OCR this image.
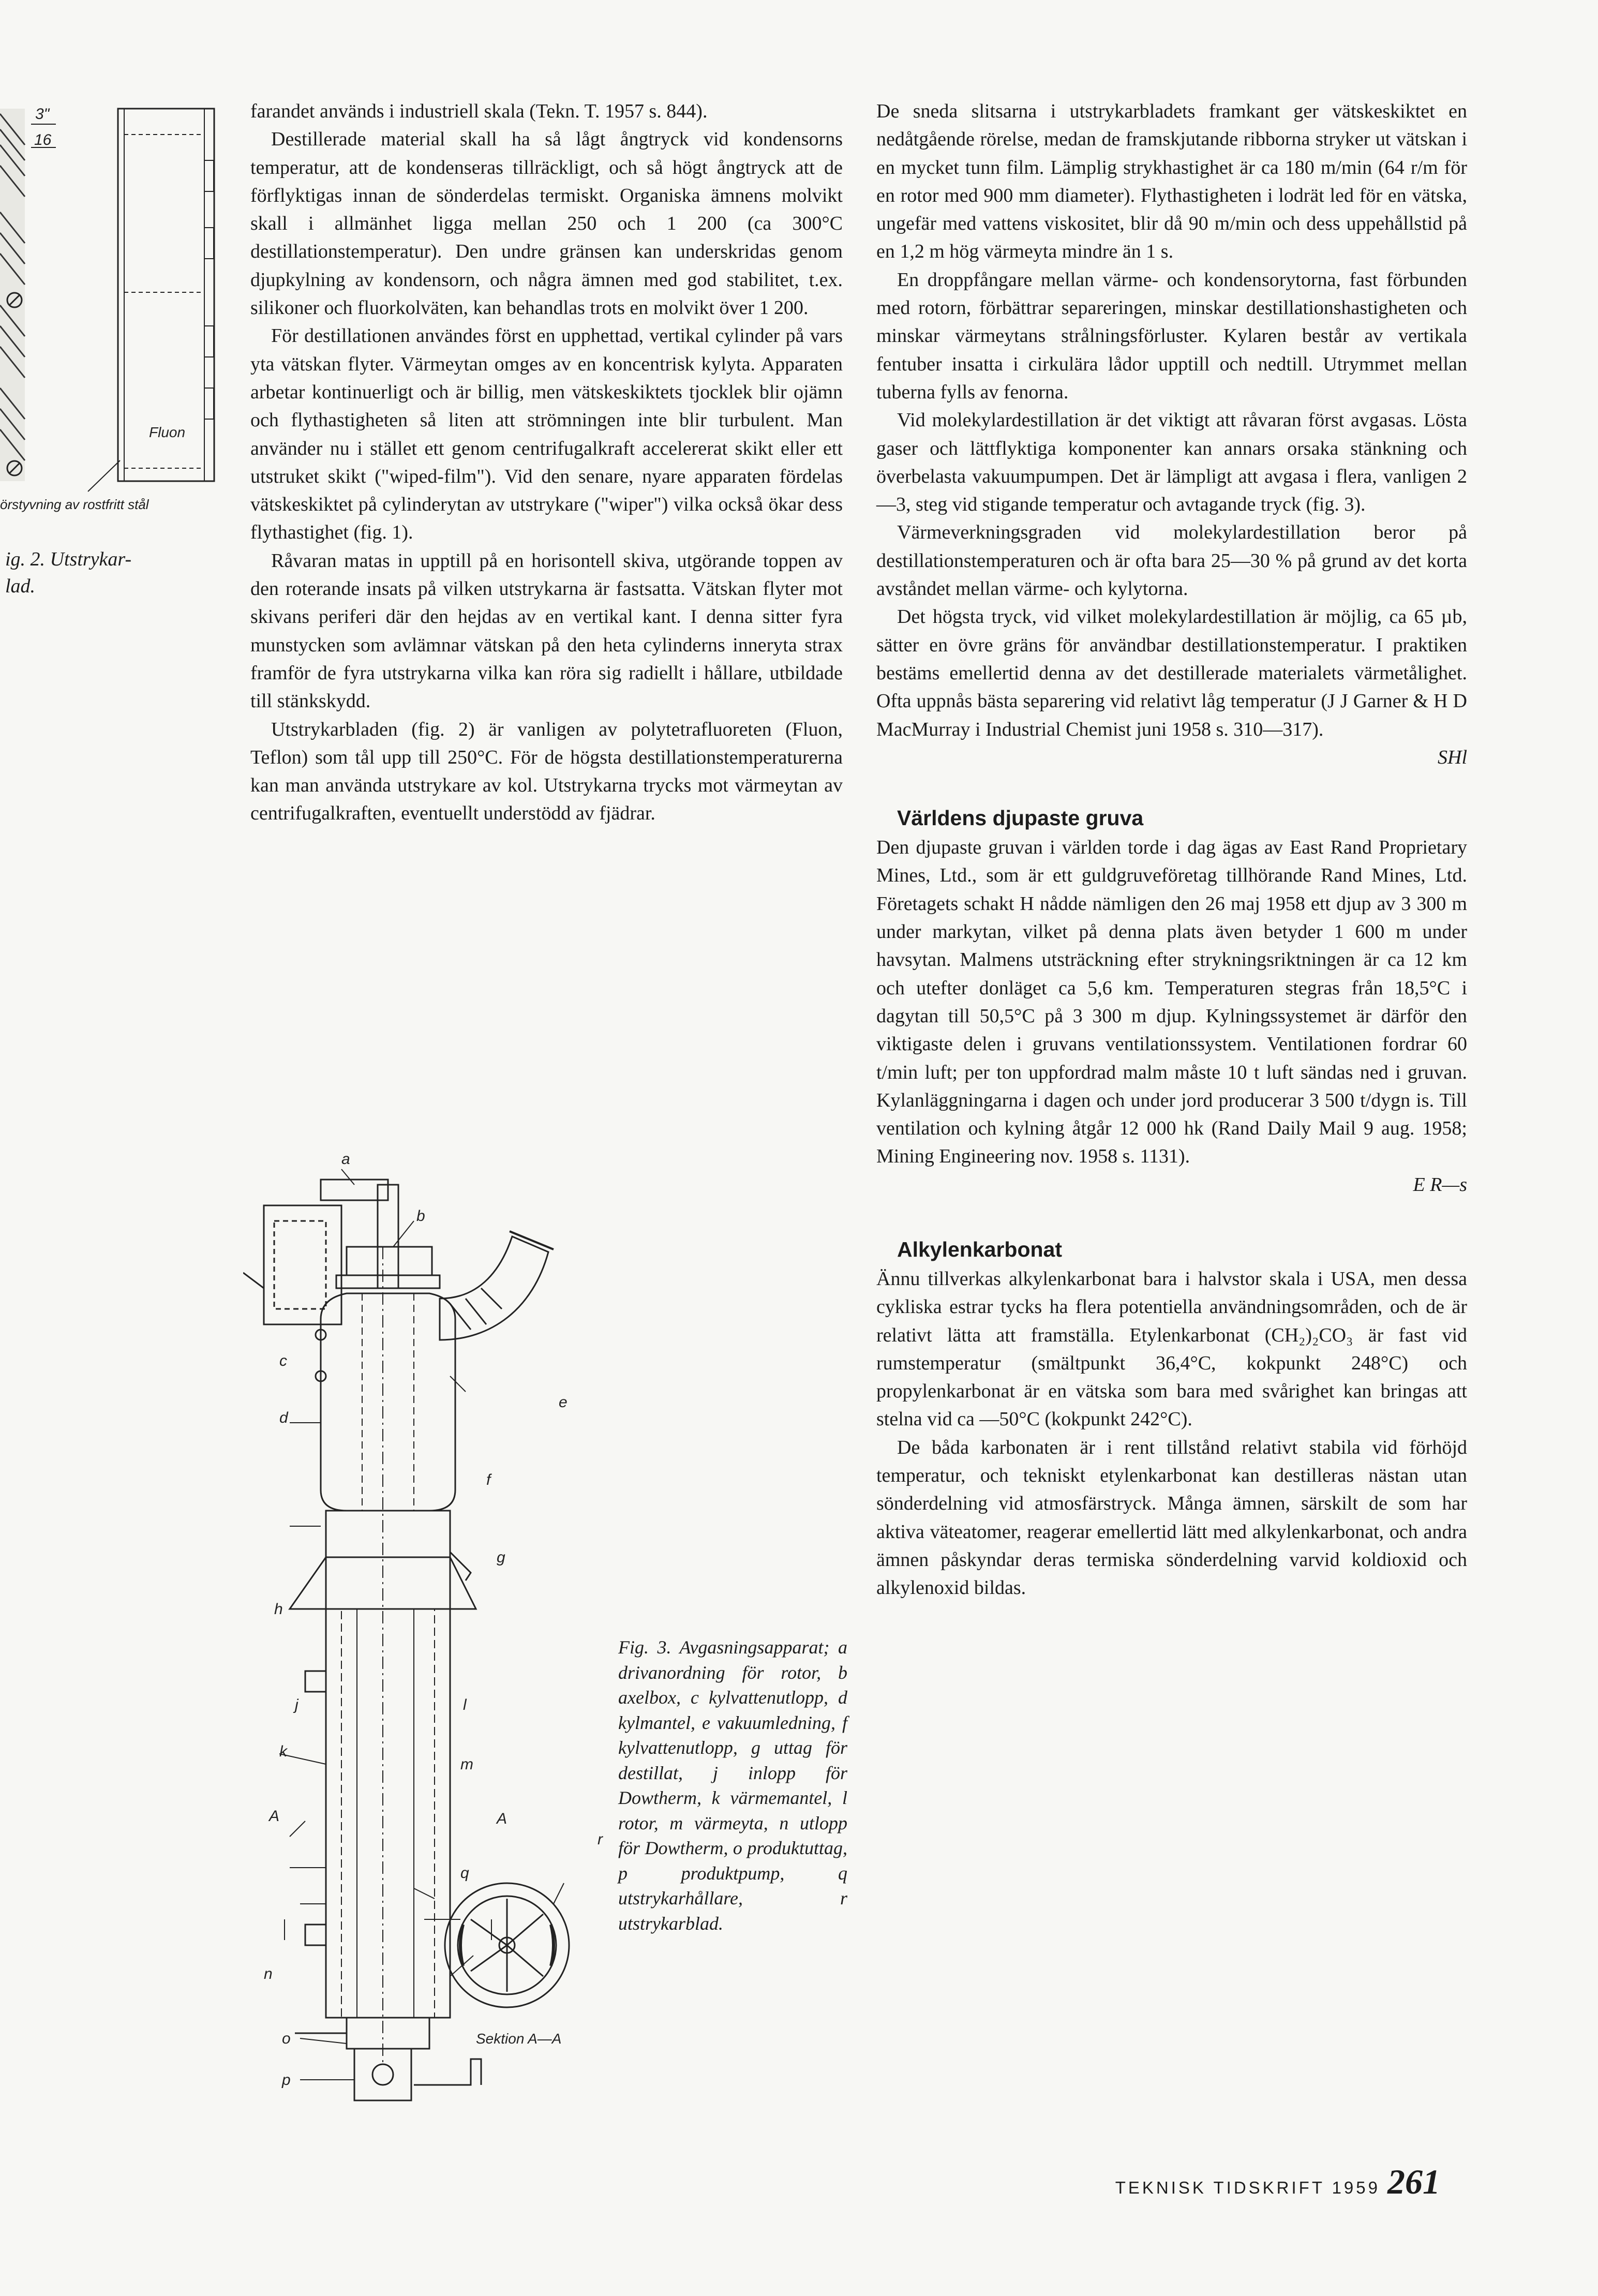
3"
16
Fluon
örstyvning av rostfritt stål
ig. 2. Utstrykar-
lad.

farandet används i industriell skala (Tekn. T. 1957 s. 844).

Destillerade material skall ha så lågt ångtryck vid kondensorns temperatur, att de kondenseras tillräckligt, och så högt ångtryck att de förflyktigas innan de sönderdelas termiskt. Organiska ämnens molvikt skall i allmänhet ligga mellan 250 och 1 200 (ca 300°C destillationstemperatur). Den undre gränsen kan underskridas genom djupkylning av kondensorn, och några ämnen med god stabilitet, t.ex. silikoner och fluorkolväten, kan behandlas trots en molvikt över 1 200.

För destillationen användes först en upphettad, vertikal cylinder på vars yta vätskan flyter. Värmeytan omges av en koncentrisk kylyta. Apparaten arbetar kontinuerligt och är billig, men vätskeskiktets tjocklek blir ojämn och flythastigheten så liten att strömningen inte blir turbulent. Man använder nu i stället ett genom centrifugalkraft accelererat skikt eller ett utstruket skikt ("wiped-film"). Vid den senare, nyare apparaten fördelas vätskeskiktet på cylinderytan av utstrykare ("wiper") vilka också ökar dess flythastighet (fig. 1).

Råvaran matas in upptill på en horisontell skiva, utgörande toppen av den roterande insats på vilken utstrykarna är fastsatta. Vätskan flyter mot skivans periferi där den hejdas av en vertikal kant. I denna sitter fyra munstycken som avlämnar vätskan på den heta cylinderns inneryta strax framför de fyra utstrykarna vilka kan röra sig radiellt i hållare, utbildade till stänkskydd.

Utstrykarbladen (fig. 2) är vanligen av polytetrafluoreten (Fluon, Teflon) som tål upp till 250°C. För de högsta destillationstemperaturerna kan man använda utstrykare av kol. Utstrykarna trycks mot värmeytan av centrifugalkraften, eventuellt understödd av fjädrar.

a
b
c
d
e
f
g
h
j
k
l
m
n
o
p
q
r
A	A
Sektion A—A
Fig. 3. Avgasningsapparat; a drivanordning för rotor, b axelbox, c kylvattenutlopp, d kylmantel, e vakuumledning, f kylvattenutlopp, g uttag för destillat, j inlopp för Dowtherm, k värmemantel, l rotor, m värmeyta, n utlopp för Dowtherm, o produktuttag, p produktpump, q utstrykarhållare, r utstrykarblad.

De sneda slitsarna i utstrykarbladets framkant ger vätskeskiktet en nedåtgående rörelse, medan de framskjutande ribborna stryker ut vätskan i en mycket tunn film. Lämplig strykhastighet är ca 180 m/min (64 r/m för en rotor med 900 mm diameter). Flythastigheten i lodrät led för en vätska, ungefär med vattens viskositet, blir då 90 m/min och dess uppehållstid på en 1,2 m hög värmeyta mindre än 1 s.

En droppfångare mellan värme- och kondensorytorna, fast förbunden med rotorn, förbättrar separeringen, minskar destillationshastigheten och minskar värmeytans strålningsförluster. Kylaren består av vertikala fentuber insatta i cirkulära lådor upptill och nedtill. Utrymmet mellan tuberna fylls av fenorna.

Vid molekylardestillation är det viktigt att råvaran först avgasas. Lösta gaser och lättflyktiga komponenter kan annars orsaka stänkning och överbelasta vakuumpumpen. Det är lämpligt att avgasa i flera, vanligen 2—3, steg vid stigande temperatur och avtagande tryck (fig. 3).

Värmeverkningsgraden vid molekylardestillation beror på destillationstemperaturen och är ofta bara 25—30 % på grund av det korta avståndet mellan värme- och kylytorna.

Det högsta tryck, vid vilket molekylardestillation är möjlig, ca 65 µb, sätter en övre gräns för användbar destillationstemperatur. I praktiken bestäms emellertid denna av det destillerade materialets värmetålighet. Ofta uppnås bästa separering vid relativt låg temperatur (J J Garner & H D MacMurray i Industrial Chemist juni 1958 s. 310—317).

SHl

Världens djupaste gruva

Den djupaste gruvan i världen torde i dag ägas av East Rand Proprietary Mines, Ltd., som är ett guldgruveföretag tillhörande Rand Mines, Ltd. Företagets schakt H nådde nämligen den 26 maj 1958 ett djup av 3 300 m under markytan, vilket på denna plats även betyder 1 600 m under havsytan. Malmens utsträckning efter strykningsriktningen är ca 12 km och utefter donläget ca 5,6 km. Temperaturen stegras från 18,5°C i dagytan till 50,5°C på 3 300 m djup. Kylningssystemet är därför den viktigaste delen i gruvans ventilationssystem. Ventilationen fordrar 60 t/min luft; per ton uppfordrad malm måste 10 t luft sändas ned i gruvan. Kylanläggningarna i dagen och under jord producerar 3 500 t/dygn is. Till ventilation och kylning åtgår 12 000 hk (Rand Daily Mail 9 aug. 1958; Mining Engineering nov. 1958 s. 1131).

E R—s

Alkylenkarbonat

Ännu tillverkas alkylenkarbonat bara i halvstor skala i USA, men dessa cykliska estrar tycks ha flera potentiella användningsområden, och de är relativt lätta att framställa. Etylenkarbonat (CH₂)₂CO₃ är fast vid rumstemperatur (smältpunkt 36,4°C, kokpunkt 248°C) och propylenkarbonat är en vätska som bara med svårighet kan bringas att stelna vid ca —50°C (kokpunkt 242°C).

De båda karbonaten är i rent tillstånd relativt stabila vid förhöjd temperatur, och tekniskt etylenkarbonat kan destilleras nästan utan sönderdelning vid atmosfärstryck. Många ämnen, särskilt de som har aktiva väteatomer, reagerar emellertid lätt med alkylenkarbonat, och andra ämnen påskyndar deras termiska sönderdelning varvid koldioxid och alkylenoxid bildas.

TEKNISK TIDSKRIFT 1959 261
